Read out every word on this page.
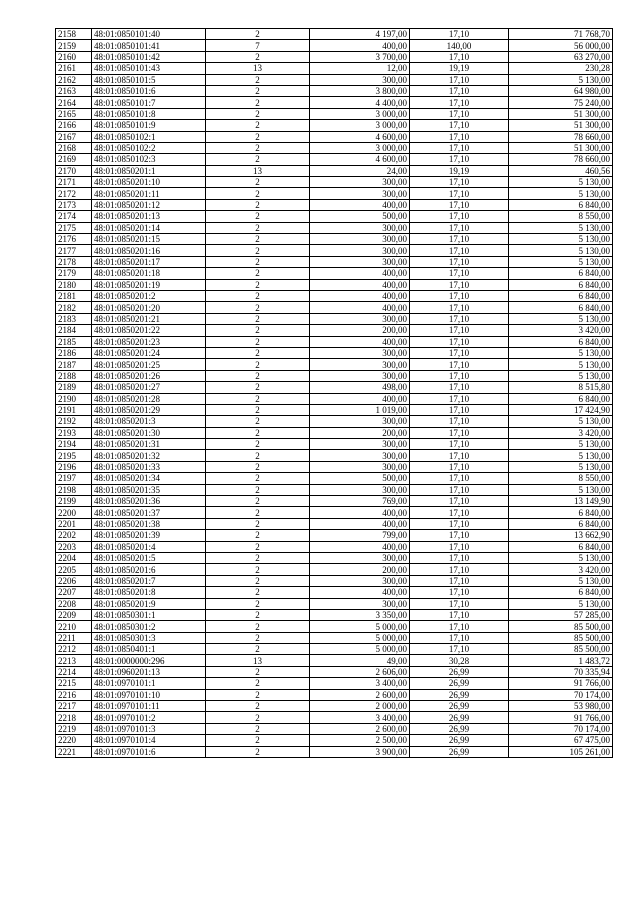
2158	48:01:0850101:40	2	4 197,00	17,10	71 768,70
2159	48:01:0850101:41	7	400,00	140,00	56 000,00
2160	48:01:0850101:42	2	3 700,00	17,10	63 270,00
2161	48:01:0850101:43	13	12,00	19,19	230,28
2162	48:01:0850101:5	2	300,00	17,10	5 130,00
2163	48:01:0850101:6	2	3 800,00	17,10	64 980,00
2164	48:01:0850101:7	2	4 400,00	17,10	75 240,00
2165	48:01:0850101:8	2	3 000,00	17,10	51 300,00
2166	48:01:0850101:9	2	3 000,00	17,10	51 300,00
2167	48:01:0850102:1	2	4 600,00	17,10	78 660,00
2168	48:01:0850102:2	2	3 000,00	17,10	51 300,00
2169	48:01:0850102:3	2	4 600,00	17,10	78 660,00
2170	48:01:0850201:1	13	24,00	19,19	460,56
2171	48:01:0850201:10	2	300,00	17,10	5 130,00
2172	48:01:0850201:11	2	300,00	17,10	5 130,00
2173	48:01:0850201:12	2	400,00	17,10	6 840,00
2174	48:01:0850201:13	2	500,00	17,10	8 550,00
2175	48:01:0850201:14	2	300,00	17,10	5 130,00
2176	48:01:0850201:15	2	300,00	17,10	5 130,00
2177	48:01:0850201:16	2	300,00	17,10	5 130,00
2178	48:01:0850201:17	2	300,00	17,10	5 130,00
2179	48:01:0850201:18	2	400,00	17,10	6 840,00
2180	48:01:0850201:19	2	400,00	17,10	6 840,00
2181	48:01:0850201:2	2	400,00	17,10	6 840,00
2182	48:01:0850201:20	2	400,00	17,10	6 840,00
2183	48:01:0850201:21	2	300,00	17,10	5 130,00
2184	48:01:0850201:22	2	200,00	17,10	3 420,00
2185	48:01:0850201:23	2	400,00	17,10	6 840,00
2186	48:01:0850201:24	2	300,00	17,10	5 130,00
2187	48:01:0850201:25	2	300,00	17,10	5 130,00
2188	48:01:0850201:26	2	300,00	17,10	5 130,00
2189	48:01:0850201:27	2	498,00	17,10	8 515,80
2190	48:01:0850201:28	2	400,00	17,10	6 840,00
2191	48:01:0850201:29	2	1 019,00	17,10	17 424,90
2192	48:01:0850201:3	2	300,00	17,10	5 130,00
2193	48:01:0850201:30	2	200,00	17,10	3 420,00
2194	48:01:0850201:31	2	300,00	17,10	5 130,00
2195	48:01:0850201:32	2	300,00	17,10	5 130,00
2196	48:01:0850201:33	2	300,00	17,10	5 130,00
2197	48:01:0850201:34	2	500,00	17,10	8 550,00
2198	48:01:0850201:35	2	300,00	17,10	5 130,00
2199	48:01:0850201:36	2	769,00	17,10	13 149,90
2200	48:01:0850201:37	2	400,00	17,10	6 840,00
2201	48:01:0850201:38	2	400,00	17,10	6 840,00
2202	48:01:0850201:39	2	799,00	17,10	13 662,90
2203	48:01:0850201:4	2	400,00	17,10	6 840,00
2204	48:01:0850201:5	2	300,00	17,10	5 130,00
2205	48:01:0850201:6	2	200,00	17,10	3 420,00
2206	48:01:0850201:7	2	300,00	17,10	5 130,00
2207	48:01:0850201:8	2	400,00	17,10	6 840,00
2208	48:01:0850201:9	2	300,00	17,10	5 130,00
2209	48:01:0850301:1	2	3 350,00	17,10	57 285,00
2210	48:01:0850301:2	2	5 000,00	17,10	85 500,00
2211	48:01:0850301:3	2	5 000,00	17,10	85 500,00
2212	48:01:0850401:1	2	5 000,00	17,10	85 500,00
2213	48:01:0000000:296	13	49,00	30,28	1 483,72
2214	48:01:0960201:13	2	2 606,00	26,99	70 335,94
2215	48:01:0970101:1	2	3 400,00	26,99	91 766,00
2216	48:01:0970101:10	2	2 600,00	26,99	70 174,00
2217	48:01:0970101:11	2	2 000,00	26,99	53 980,00
2218	48:01:0970101:2	2	3 400,00	26,99	91 766,00
2219	48:01:0970101:3	2	2 600,00	26,99	70 174,00
2220	48:01:0970101:4	2	2 500,00	26,99	67 475,00
2221	48:01:0970101:6	2	3 900,00	26,99	105 261,00
